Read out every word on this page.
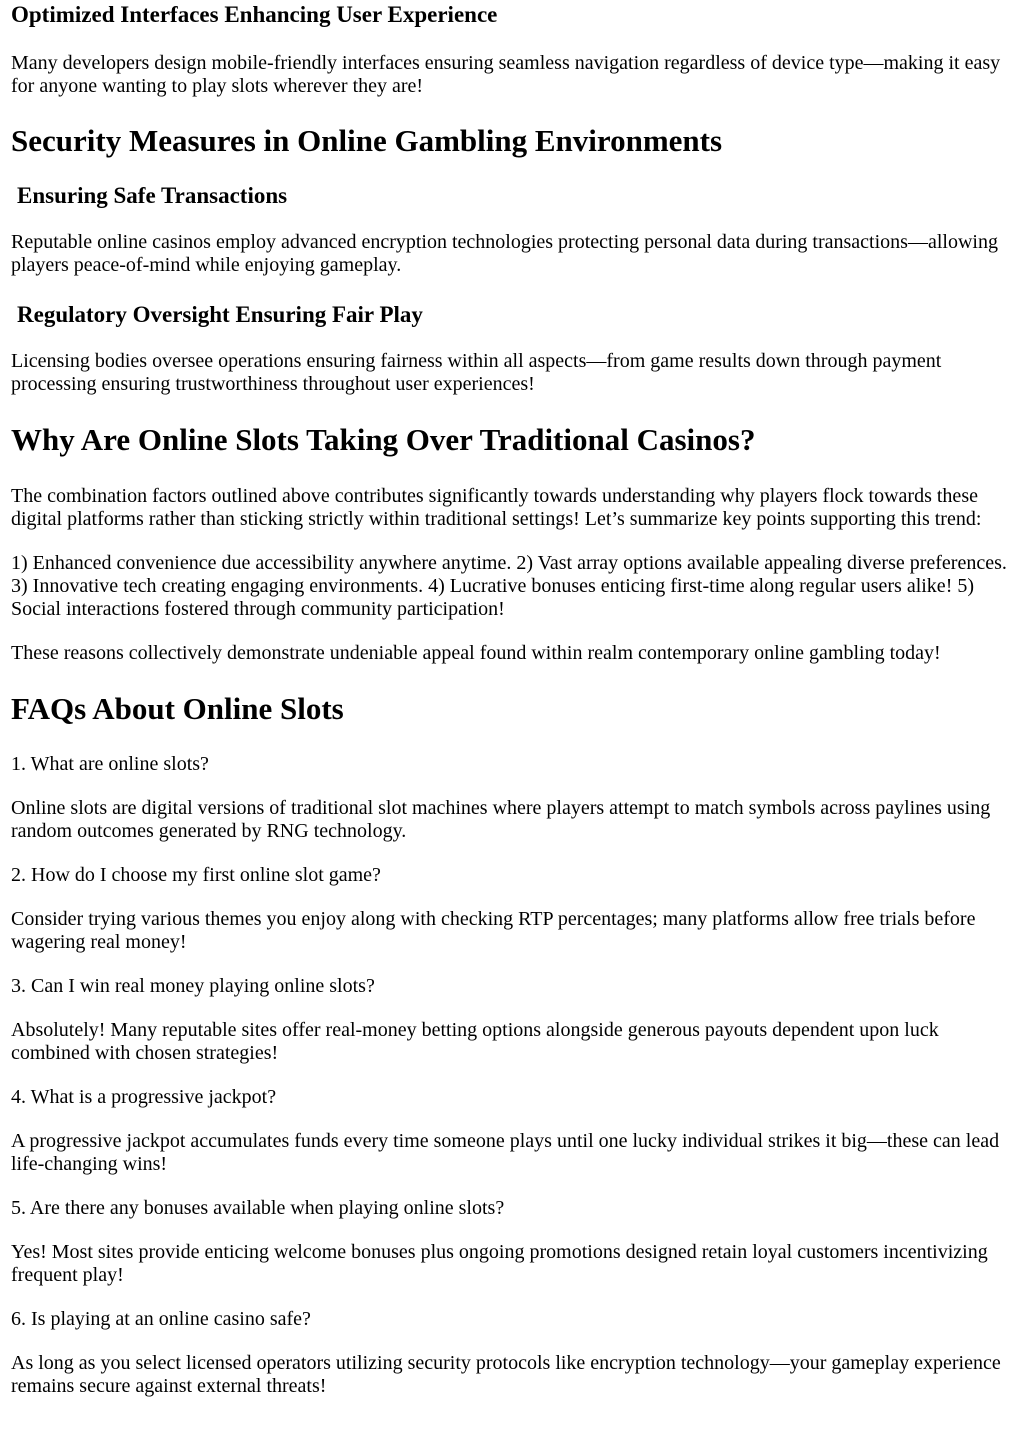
Optimized Interfaces Enhancing User Experience

Many developers design mobile-friendly interfaces ensuring seamless navigation regardless of device type—making it easy for anyone wanting to play slots wherever they are!

Security Measures in Online Gambling Environments
Ensuring Safe Transactions

Reputable online casinos employ advanced encryption technologies protecting personal data during transactions—allowing players peace-of-mind while enjoying gameplay.

Regulatory Oversight Ensuring Fair Play

Licensing bodies oversee operations ensuring fairness within all aspects—from game results down through payment processing ensuring trustworthiness throughout user experiences!

Why Are Online Slots Taking Over Traditional Casinos?

The combination factors outlined above contributes significantly towards understanding why players flock towards these digital platforms rather than sticking strictly within traditional settings! Let’s summarize key points supporting this trend:

1) Enhanced convenience due accessibility anywhere anytime. 2) Vast array options available appealing diverse preferences. 3) Innovative tech creating engaging environments. 4) Lucrative bonuses enticing first-time along regular users alike! 5) Social interactions fostered through community participation!

These reasons collectively demonstrate undeniable appeal found within realm contemporary online gambling today!

FAQs About Online Slots

1. What are online slots?

Online slots are digital versions of traditional slot machines where players attempt to match symbols across paylines using random outcomes generated by RNG technology.

2. How do I choose my first online slot game?

Consider trying various themes you enjoy along with checking RTP percentages; many platforms allow free trials before wagering real money!

3. Can I win real money playing online slots?

Absolutely! Many reputable sites offer real-money betting options alongside generous payouts dependent upon luck combined with chosen strategies!

4. What is a progressive jackpot?

A progressive jackpot accumulates funds every time someone plays until one lucky individual strikes it big—these can lead life-changing wins!

5. Are there any bonuses available when playing online slots?

Yes! Most sites provide enticing welcome bonuses plus ongoing promotions designed retain loyal customers incentivizing frequent play!

6. Is playing at an online casino safe?

As long as you select licensed operators utilizing security protocols like encryption technology—your gameplay experience remains secure against external threats!
